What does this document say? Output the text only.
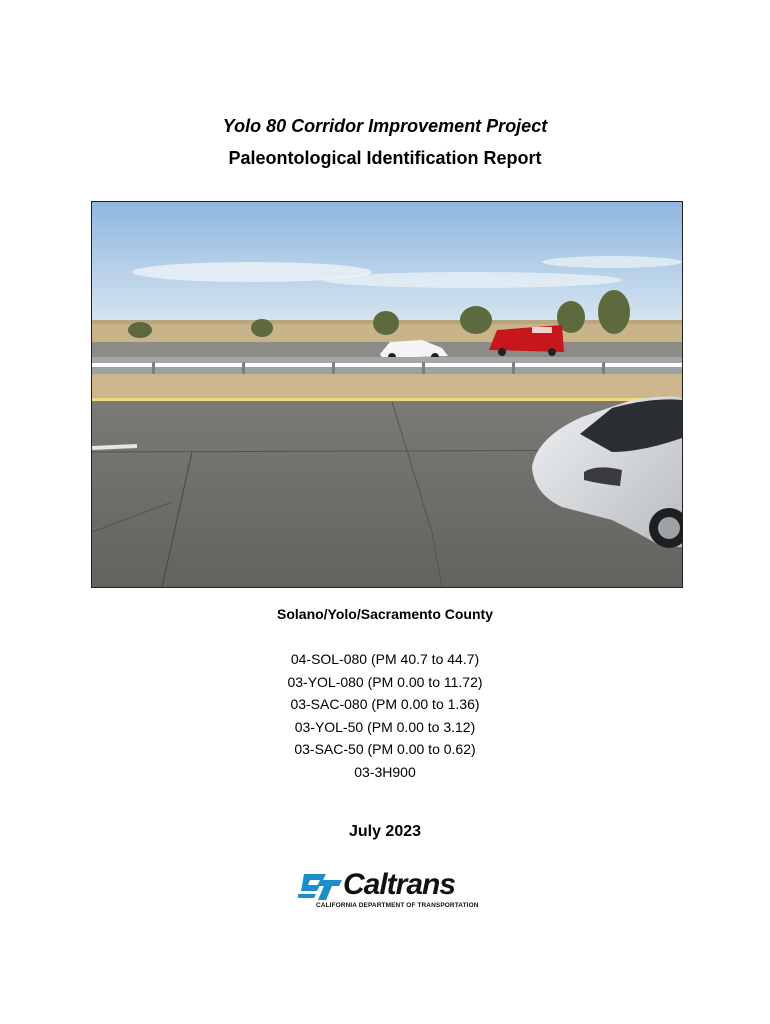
Yolo 80 Corridor Improvement Project
Paleontological Identification Report
Solano/Yolo/Sacramento County
04-SOL-080 (PM 40.7 to 44.7)
03-YOL-080 (PM 0.00 to 11.72)
03-SAC-080 (PM 0.00 to 1.36)
03-YOL-50 (PM 0.00 to 3.12)
03-SAC-50 (PM 0.00 to 0.62)
03-3H900
July 2023
Caltrans
CALIFORNIA DEPARTMENT OF TRANSPORTATION
